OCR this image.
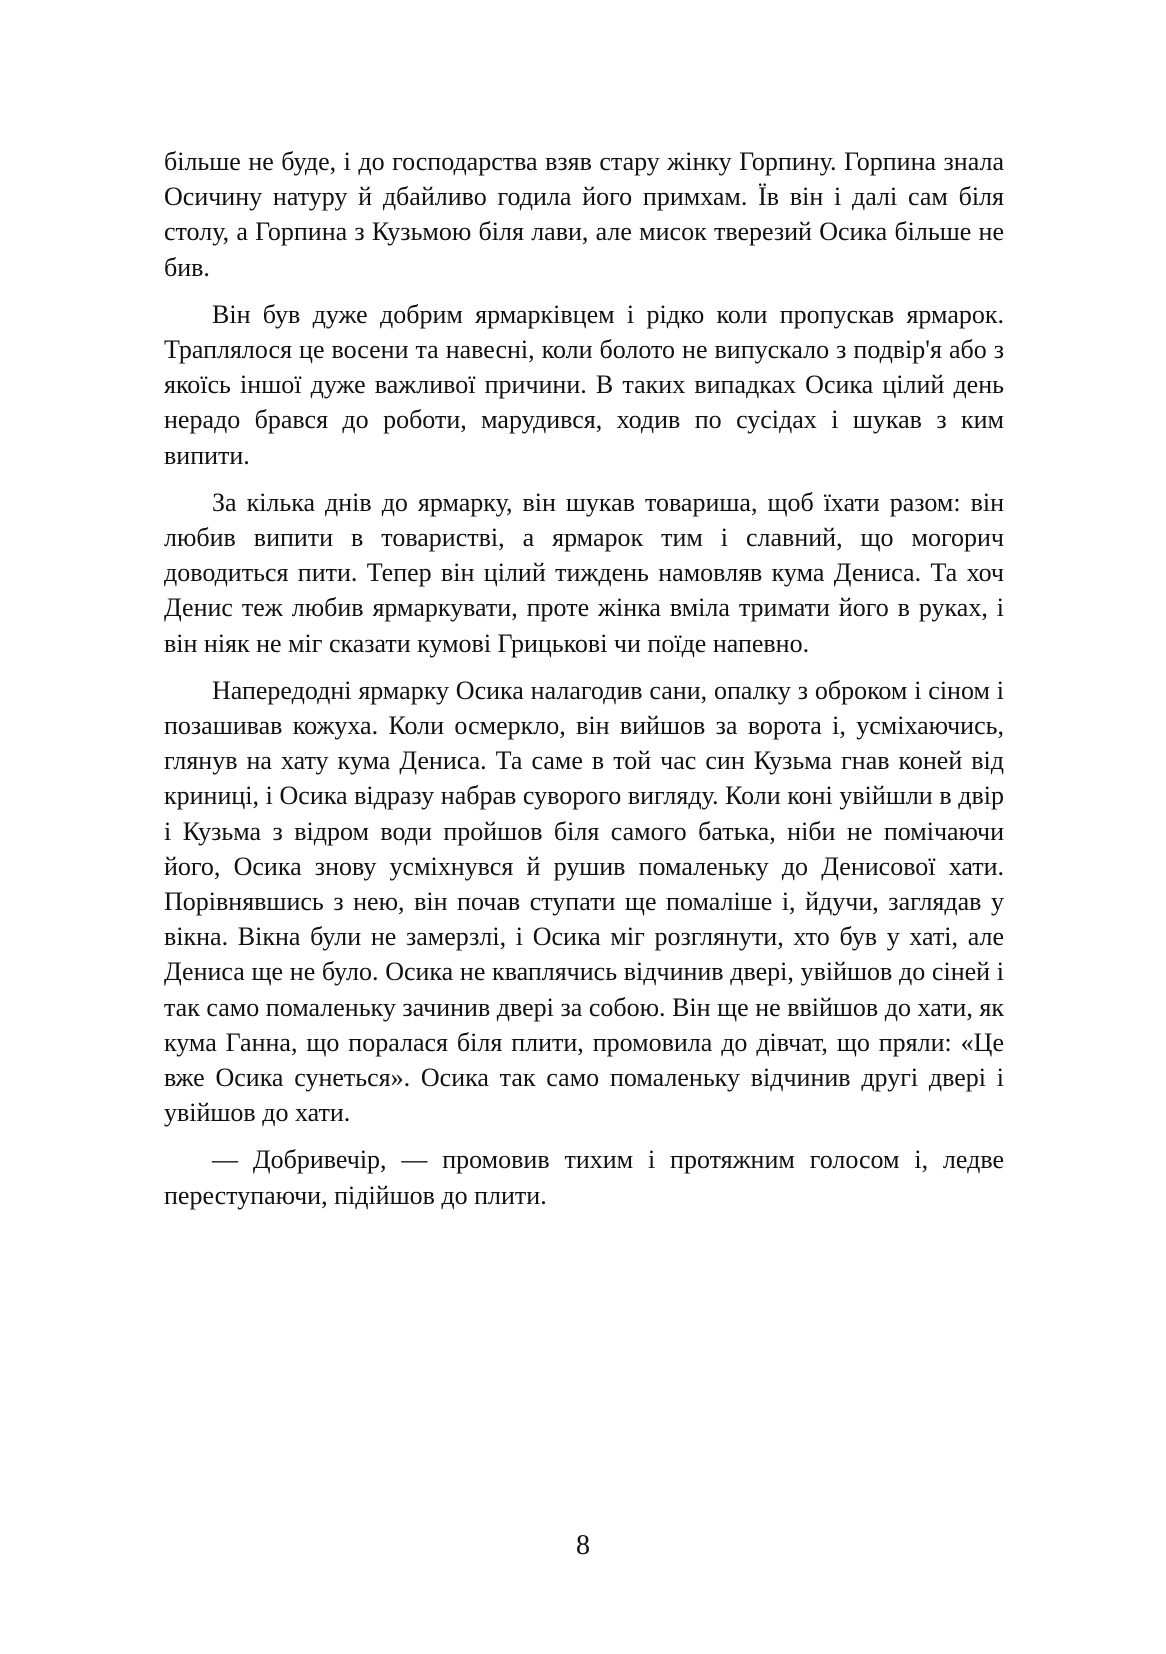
більше не буде, і до господарства взяв стару жінку Горпину. Горпина знала Осичину натуру й дбайливо годила його примхам. Їв він і далі сам біля столу, а Горпина з Кузьмою біля лави, але мисок тверезий Осика більше не бив.

Він був дуже добрим ярмарківцем і рідко коли пропускав ярмарок. Траплялося це восени та навесні, коли болото не випускало з подвір'я або з якоїсь іншої дуже важливої причини. В таких випадках Осика цілий день нерадо брався до роботи, марудився, ходив по сусідах і шукав з ким випити.

За кілька днів до ярмарку, він шукав товариша, щоб їхати разом: він любив випити в товаристві, а ярмарок тим і славний, що могорич доводиться пити. Тепер він цілий тиждень намовляв кума Дениса. Та хоч Денис теж любив ярмаркувати, проте жінка вміла тримати його в руках, і він ніяк не міг сказати кумові Грицькові чи поїде напевно.

Напередодні ярмарку Осика налагодив сани, опалку з оброком і сіном і позашивав кожуха. Коли осмеркло, він вийшов за ворота і, усміхаючись, глянув на хату кума Дениса. Та саме в той час син Кузьма гнав коней від криниці, і Осика відразу набрав суворого вигляду. Коли коні увійшли в двір і Кузьма з відром води пройшов біля самого батька, ніби не помічаючи його, Осика знову усміхнувся й рушив помаленьку до Денисової хати. Порівнявшись з нею, він почав ступати ще помаліше і, йдучи, заглядав у вікна. Вікна були не замерзлі, і Осика міг розглянути, хто був у хаті, але Дениса ще не було. Осика не кваплячись відчинив двері, увійшов до сіней і так само помаленьку зачинив двері за собою. Він ще не ввійшов до хати, як кума Ганна, що поралася біля плити, промовила до дівчат, що пряли: «Це вже Осика сунеться». Осика так само помаленьку відчинив другі двері і увійшов до хати.

— Добривечір, — промовив тихим і протяжним голосом і, ледве переступаючи, підійшов до плити.

8
